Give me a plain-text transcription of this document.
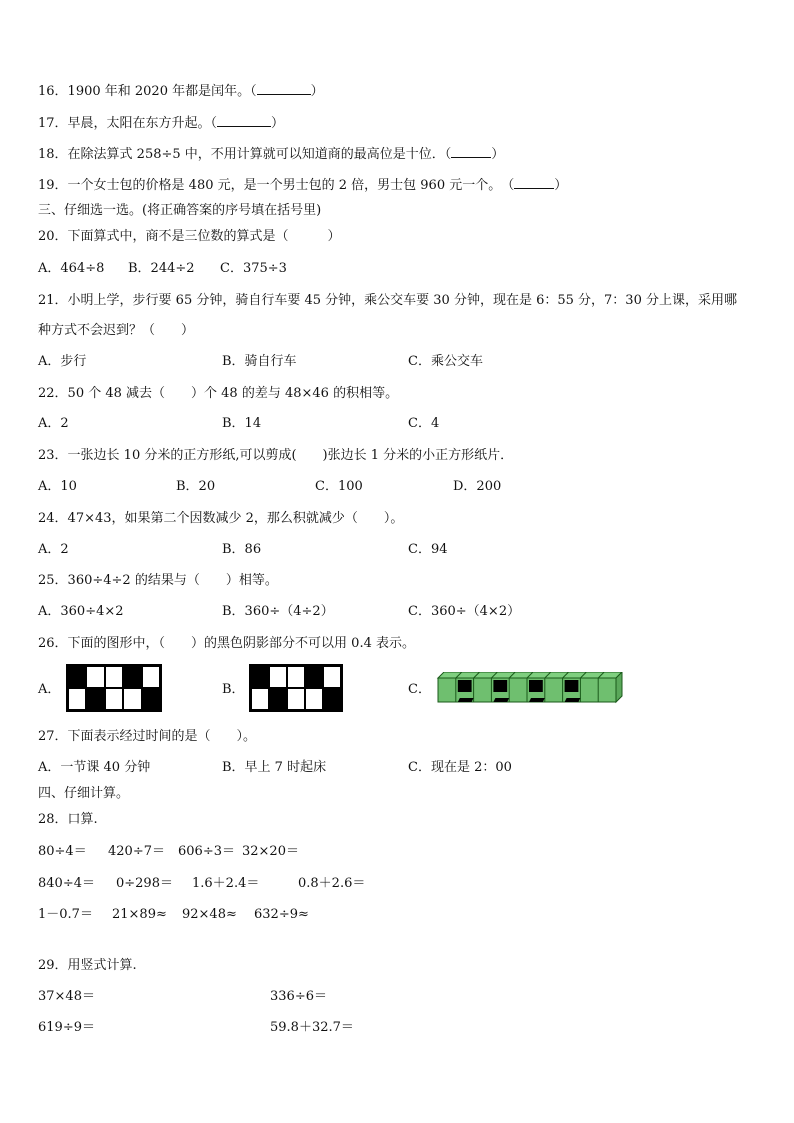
16．1900 年和 2020 年都是闰年。（	）
17．早晨，太阳在东方升起。（	）
18．在除法算式 258÷5 中，不用计算就可以知道商的最高位是十位．（	）
19．一个女士包的价格是 480 元，是一个男士包的 2 倍，男士包 960 元一个。　（	）
三、仔细选一选。(将正确答案的序号填在括号里)
20．下面算式中，商不是三位数的算式是（　　　）
A．464÷8 B．244÷2 C．375÷3
21．小明上学，步行要 65 分钟，骑自行车要 45 分钟，乘公交车要 30 分钟，现在是 6：55 分，7：30 分上课，采用哪
种方式不会迟到？（　　）
A．步行	B．骑自行车	C．乘公交车
22．50 个 48 减去（　　）个 48 的差与 48×46 的积相等。
A．2	B．14	C．4
23．一张边长 10 分米的正方形纸,可以剪成(　　)张边长 1 分米的小正方形纸片．
A．10	B．20	C．100	D．200
24．47×43，如果第二个因数减少 2，那么积就减少（　　）。
A．2	B．86	C．94
25．360÷4÷2 的结果与（　　）相等。
A．360÷4×2	B．360÷（4÷2）	C．360÷（4×2）
26．下面的图形中，（　　）的黑色阴影部分不可以用 0.4 表示。
A．	B．	C．
27．下面表示经过时间的是（　　）。
A．一节课 40 分钟	B．早上 7 时起床	C．现在是 2：00
四、仔细计算。
28．口算.
80÷4＝ 420÷7＝ 606÷3＝ 32×20＝
840÷4＝ 0÷298＝ 1.6＋2.4＝	0.8＋2.6＝
1－0.7＝ 21×89≈ 92×48≈ 632÷9≈
29．用竖式计算.
37×48＝	336÷6＝
619÷9＝	59.8＋32.7＝
